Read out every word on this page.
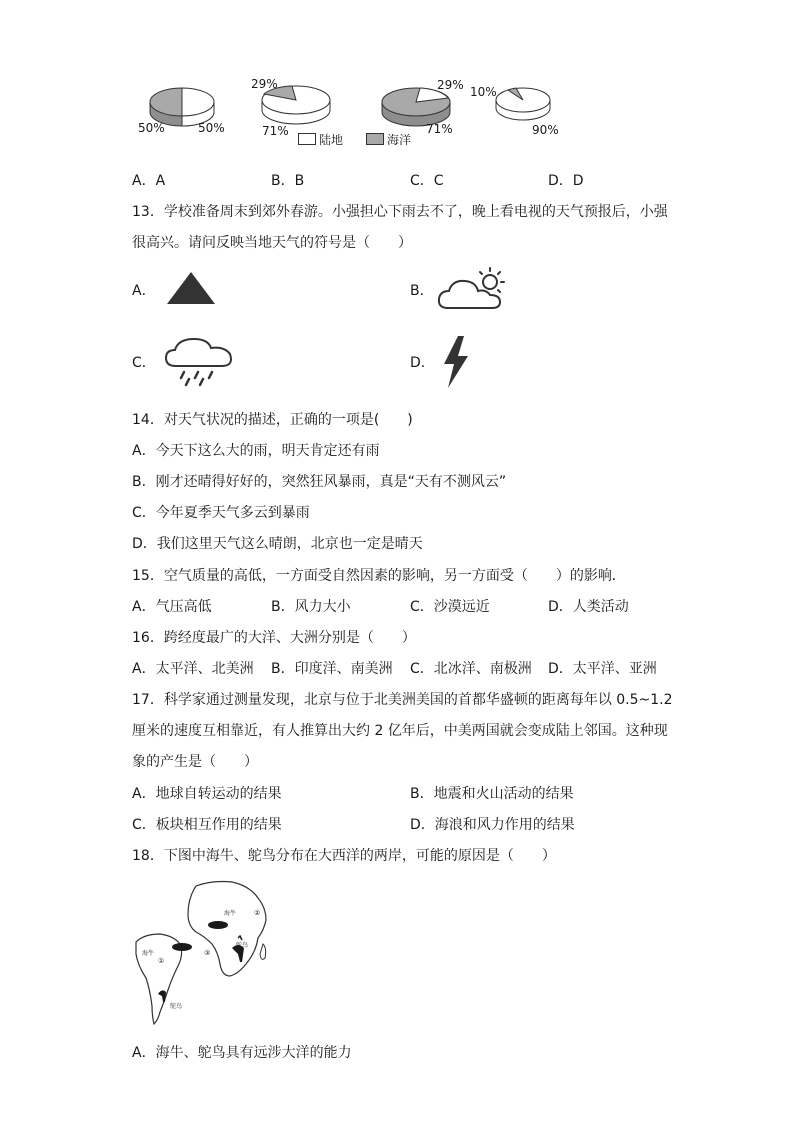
50%	50%
29%
71%
29%
71%
10%
90%
陆地	海洋
A．A	B．B	C．C	D．D
13．学校准备周末到郊外春游。小强担心下雨去不了，晚上看电视的天气预报后，小强
很高兴。请问反映当地天气的符号是（　　）
A．	B．
C．	D．
14．对天气状况的描述，正确的一项是(　　)
A．今天下这么大的雨，明天肯定还有雨
B．刚才还晴得好好的，突然狂风暴雨，真是“天有不测风云”
C．今年夏季天气多云到暴雨
D．我们这里天气这么晴朗，北京也一定是晴天
15．空气质量的高低，一方面受自然因素的影响，另一方面受（　　）的影响．
A．气压高低	B．风力大小	C．沙漠远近	D．人类活动
16．跨经度最广的大洋、大洲分别是（　　）
A．太平洋、北美洲 B．印度洋、南美洲 C．北冰洋、南极洲 D．太平洋、亚洲
17．科学家通过测量发现，北京与位于北美洲美国的首都华盛顿的距离每年以 0.5~1.2
厘米的速度互相靠近，有人推算出大约 2 亿年后，中美两国就会变成陆上邻国。这种现
象的产生是（　　）
A．地球自转运动的结果	B．地震和火山活动的结果
C．板块相互作用的结果	D．海浪和风力作用的结果
18．下图中海牛、鸵鸟分布在大西洋的两岸，可能的原因是（　　）
海牛
海牛
鸵鸟
鸵鸟
①
②
③
A．海牛、鸵鸟具有远涉大洋的能力
